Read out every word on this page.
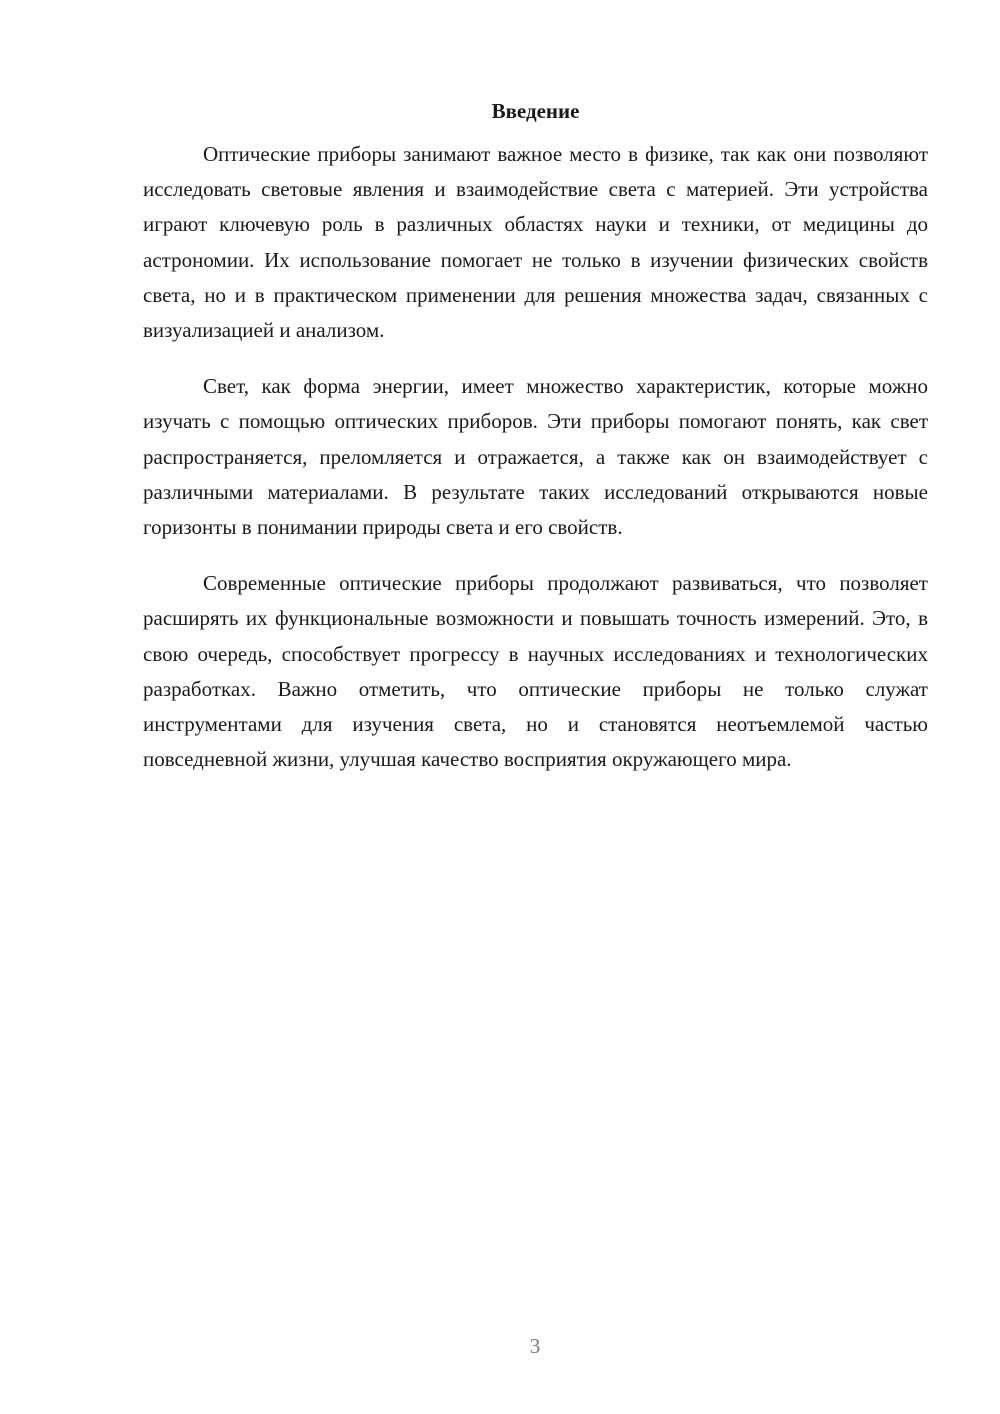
Введение

Оптические приборы занимают важное место в физике, так как они позволяют исследовать световые явления и взаимодействие света с материей. Эти устройства играют ключевую роль в различных областях науки и техники, от медицины до астрономии. Их использование помогает не только в изучении физических свойств света, но и в практическом применении для решения множества задач, связанных с визуализацией и анализом.

Свет, как форма энергии, имеет множество характеристик, которые можно изучать с помощью оптических приборов. Эти приборы помогают понять, как свет распространяется, преломляется и отражается, а также как он взаимодействует с различными материалами. В результате таких исследований открываются новые горизонты в понимании природы света и его свойств.

Современные оптические приборы продолжают развиваться, что позволяет расширять их функциональные возможности и повышать точность измерений. Это, в свою очередь, способствует прогрессу в научных исследованиях и технологических разработках. Важно отметить, что оптические приборы не только служат инструментами для изучения света, но и становятся неотъемлемой частью повседневной жизни, улучшая качество восприятия окружающего мира.

3
